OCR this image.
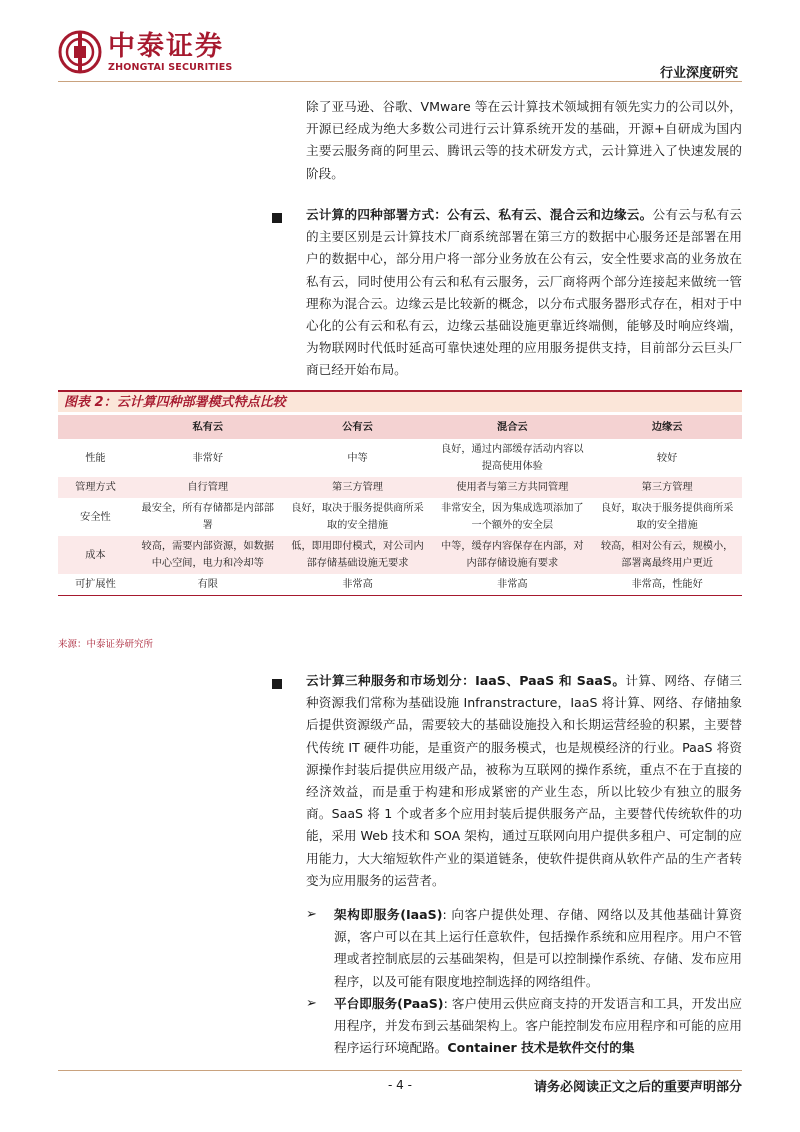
中泰证券
ZHONGTAI SECURITIES	行业深度研究
除了亚马逊、谷歌、VMware 等在云计算技术领域拥有领先实力的公司以外，开源已经成为绝大多数公司进行云计算系统开发的基础，开源+自研成为国内主要云服务商的阿里云、腾讯云等的技术研发方式，云计算进入了快速发展的阶段。
云计算的四种部署方式：公有云、私有云、混合云和边缘云。公有云与私有云的主要区别是云计算技术厂商系统部署在第三方的数据中心服务还是部署在用户的数据中心，部分用户将一部分业务放在公有云，安全性要求高的业务放在私有云，同时使用公有云和私有云服务，云厂商将两个部分连接起来做统一管理称为混合云。边缘云是比较新的概念，以分布式服务器形式存在，相对于中心化的公有云和私有云，边缘云基础设施更靠近终端侧，能够及时响应终端，为物联网时代低时延高可靠快速处理的应用服务提供支持，目前部分云巨头厂商已经开始布局。
图表 2：云计算四种部署模式特点比较
	私有云	公有云	混合云	边缘云
性能	非常好	中等	良好，通过内部缓存活动内容以提高使用体验	较好
管理方式	自行管理	第三方管理	使用者与第三方共同管理	第三方管理
安全性	最安全，所有存储都是内部部署	良好，取决于服务提供商所采取的安全措施	非常安全，因为集成选项添加了一个额外的安全层	良好，取决于服务提供商所采取的安全措施
成本	较高，需要内部资源，如数据中心空间，电力和冷却等	低，即用即付模式，对公司内部存储基础设施无要求	中等，缓存内容保存在内部，对内部存储设施有要求	较高，相对公有云，规模小，部署离最终用户更近
可扩展性	有限	非常高	非常高	非常高，性能好
来源：中泰证券研究所
云计算三种服务和市场划分：IaaS、PaaS 和 SaaS。计算、网络、存储三种资源我们常称为基础设施 Infranstracture，IaaS 将计算、网络、存储抽象后提供资源级产品，需要较大的基础设施投入和长期运营经验的积累，主要替代传统 IT 硬件功能，是重资产的服务模式，也是规模经济的行业。PaaS 将资源操作封装后提供应用级产品，被称为互联网的操作系统，重点不在于直接的经济效益，而是重于构建和形成紧密的产业生态，所以比较少有独立的服务商。SaaS 将 1 个或者多个应用封装后提供服务产品，主要替代传统软件的功能，采用 Web 技术和 SOA 架构，通过互联网向用户提供多租户、可定制的应用能力，大大缩短软件产业的渠道链条，使软件提供商从软件产品的生产者转变为应用服务的运营者。
➢ 架构即服务(IaaS): 向客户提供处理、存储、网络以及其他基础计算资源，客户可以在其上运行任意软件，包括操作系统和应用程序。用户不管理或者控制底层的云基础架构，但是可以控制操作系统、存储、发布应用程序，以及可能有限度地控制选择的网络组件。
➢ 平台即服务(PaaS): 客户使用云供应商支持的开发语言和工具，开发出应用程序，并发布到云基础架构上。客户能控制发布应用程序和可能的应用程序运行环境配路。Container 技术是软件交付的集
- 4 -	请务必阅读正文之后的重要声明部分
